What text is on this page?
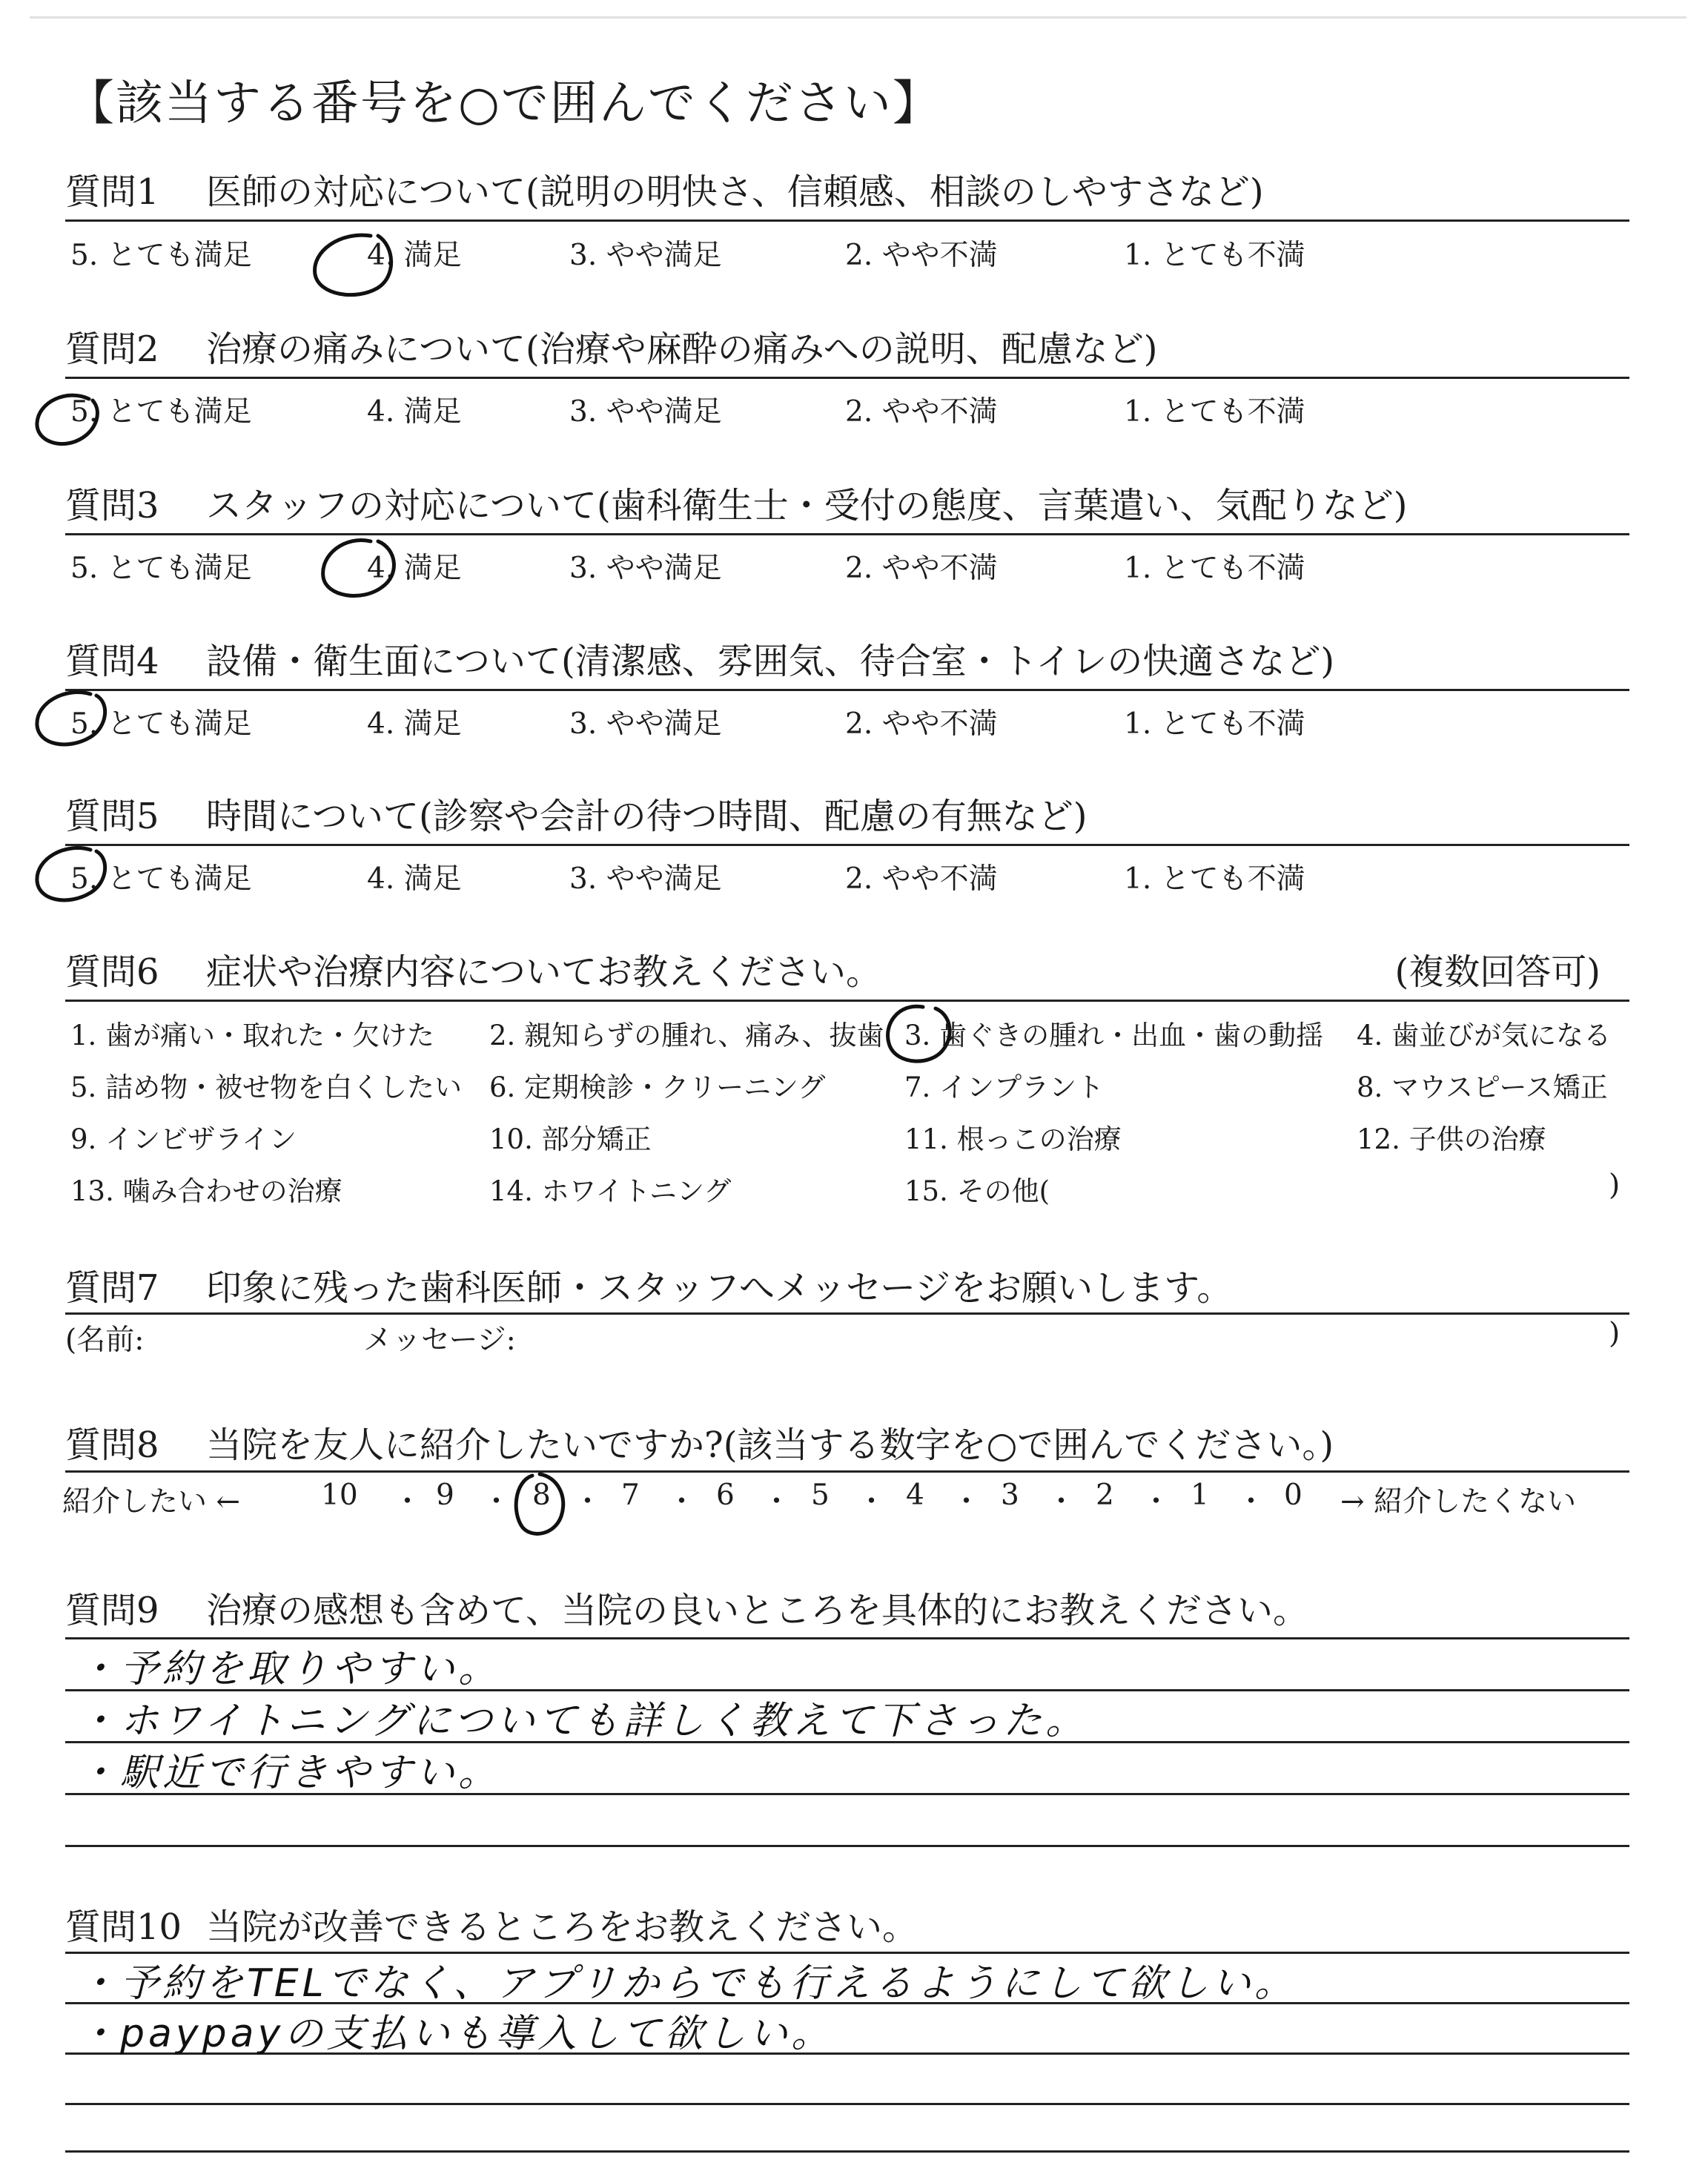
【該当する番号を○で囲んでください】
質問1 医師の対応について(説明の明快さ、信頼感、相談のしやすさなど)
5. とても満足	4. 満足	3. やや満足	2. やや不満	1. とても不満
質問2 治療の痛みについて(治療や麻酔の痛みへの説明、配慮など)
5. とても満足	4. 満足	3. やや満足	2. やや不満	1. とても不満
質問3 スタッフの対応について(歯科衛生士・受付の態度、言葉遣い、気配りなど)
5. とても満足	4. 満足	3. やや満足	2. やや不満	1. とても不満
質問4 設備・衛生面について(清潔感、雰囲気、待合室・トイレの快適さなど)
5. とても満足	4. 満足	3. やや満足	2. やや不満	1. とても不満
質問5 時間について(診察や会計の待つ時間、配慮の有無など)
5. とても満足	4. 満足	3. やや満足	2. やや不満	1. とても不満
質問6 症状や治療内容についてお教えください。	(複数回答可)
1. 歯が痛い・取れた・欠けた 2. 親知らずの腫れ、痛み、抜歯 3. 歯ぐきの腫れ・出血・歯の動揺 4. 歯並びが気になる
5. 詰め物・被せ物を白くしたい 6. 定期検診・クリーニング	7. インプラント	8. マウスピース矯正
9. インビザライン	10. 部分矯正	11. 根っこの治療	12. 子供の治療
13. 噛み合わせの治療	14. ホワイトニング	15. その他(	)
質問7 印象に残った歯科医師・スタッフへメッセージをお願いします。
(名前:	メッセージ:	)
質問8 当院を友人に紹介したいですか?(該当する数字を○で囲んでください。)
紹介したい ←	10	9	8 7	6	5	4	3	2	1	0
・ ・ ・ ・ ・ ・ ・ ・ ・ ・	→ 紹介したくない
質問9 治療の感想も含めて、当院の良いところを具体的にお教えください。
・予約を取りやすい。
・ホワイトニングについても詳しく教えて下さった。
・駅近で行きやすい。
質問10 当院が改善できるところをお教えください。
・予約をTELでなく、アプリからでも行えるようにして欲しい。
・paypayの支払いも導入して欲しい。
